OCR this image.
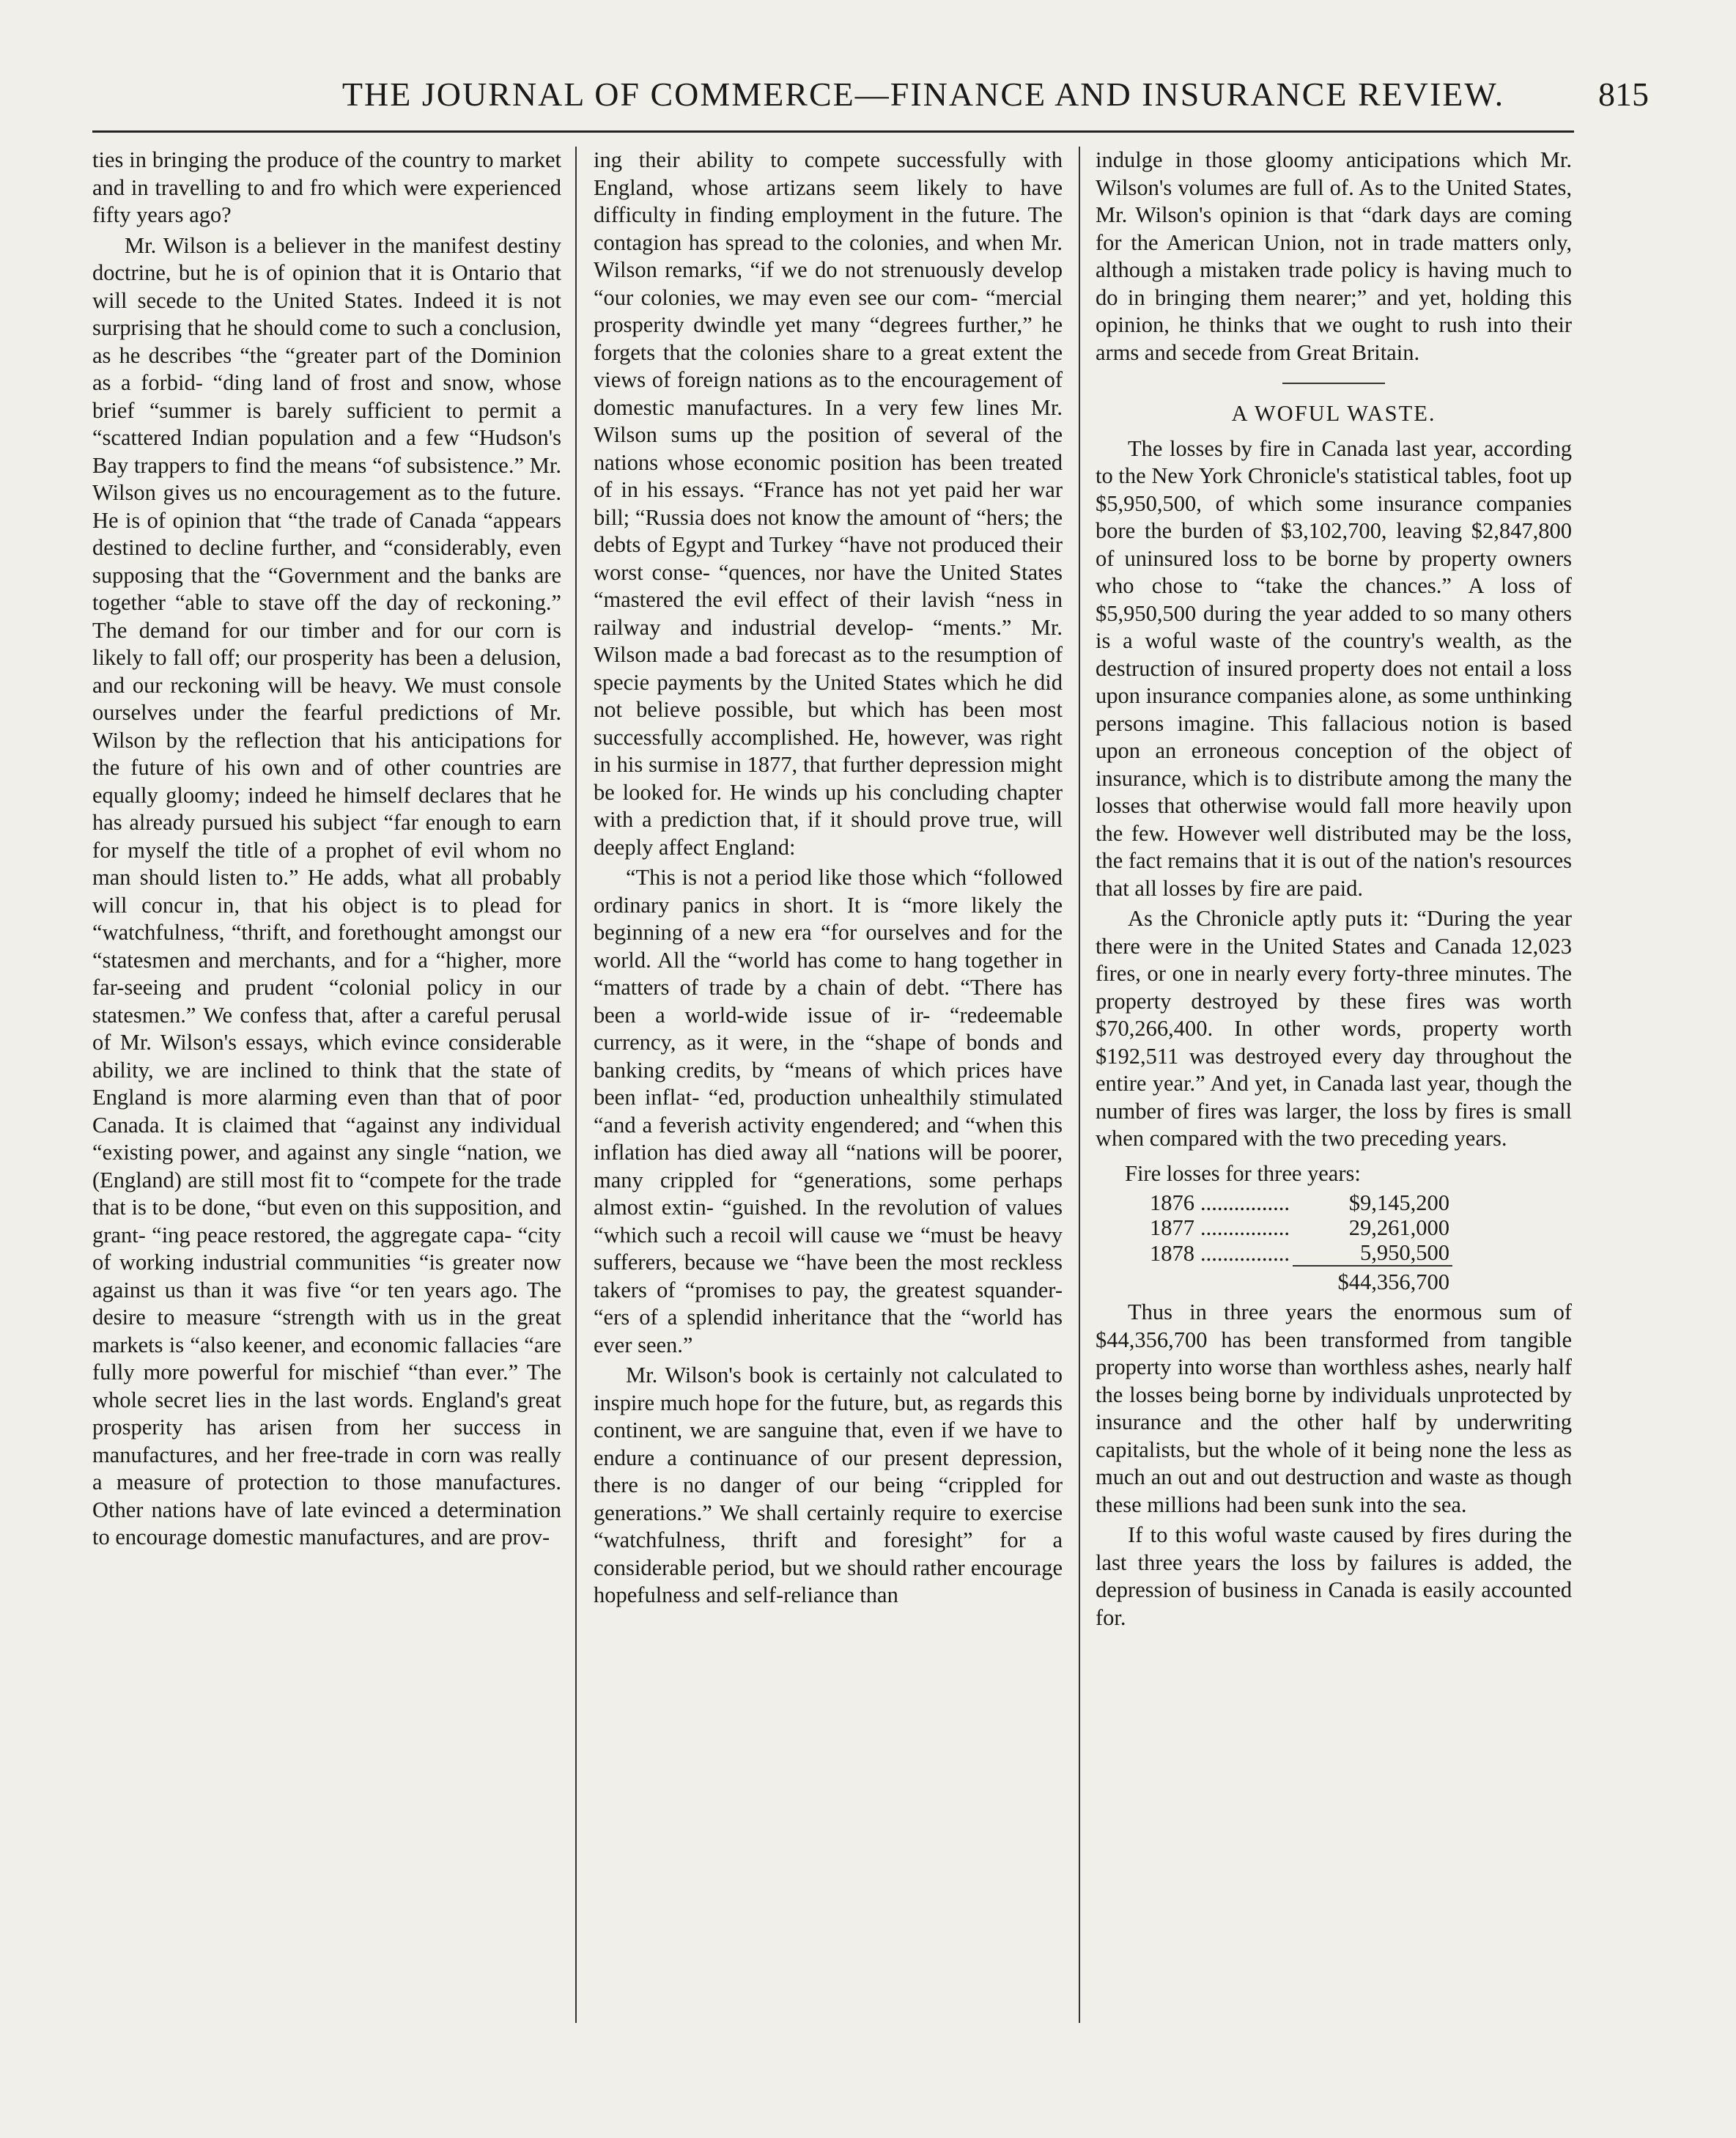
THE JOURNAL OF COMMERCE—FINANCE AND INSURANCE REVIEW.	815

ties in bringing the produce of the country to market and in travelling to and fro which were experienced fifty years ago?

Mr. Wilson is a believer in the manifest destiny doctrine, but he is of opinion that it is Ontario that will secede to the United States. Indeed it is not surprising that he should come to such a conclusion, as he describes “the “greater part of the Dominion as a forbid- “ding land of frost and snow, whose brief “summer is barely sufficient to permit a “scattered Indian population and a few “Hudson's Bay trappers to find the means “of subsistence.” Mr. Wilson gives us no encouragement as to the future. He is of opinion that “the trade of Canada “appears destined to decline further, and “considerably, even supposing that the “Government and the banks are together “able to stave off the day of reckoning.” The demand for our timber and for our corn is likely to fall off; our prosperity has been a delusion, and our reckoning will be heavy. We must console ourselves under the fearful predictions of Mr. Wilson by the reflection that his anticipations for the future of his own and of other countries are equally gloomy; indeed he himself declares that he has already pursued his subject “far enough to earn for myself the title of a prophet of evil whom no man should listen to.” He adds, what all probably will concur in, that his object is to plead for “watchfulness, “thrift, and forethought amongst our “statesmen and merchants, and for a “higher, more far-seeing and prudent “colonial policy in our statesmen.” We confess that, after a careful perusal of Mr. Wilson's essays, which evince considerable ability, we are inclined to think that the state of England is more alarming even than that of poor Canada. It is claimed that “against any individual “existing power, and against any single “nation, we (England) are still most fit to “compete for the trade that is to be done, “but even on this supposition, and grant- “ing peace restored, the aggregate capa- “city of working industrial communities “is greater now against us than it was five “or ten years ago. The desire to measure “strength with us in the great markets is “also keener, and economic fallacies “are fully more powerful for mischief “than ever.” The whole secret lies in the last words. England's great prosperity has arisen from her success in manufactures, and her free-trade in corn was really a measure of protection to those manufactures. Other nations have of late evinced a determination to encourage domestic manufactures, and are prov-

ing their ability to compete successfully with England, whose artizans seem likely to have difficulty in finding employment in the future. The contagion has spread to the colonies, and when Mr. Wilson remarks, “if we do not strenuously develop “our colonies, we may even see our com- “mercial prosperity dwindle yet many “degrees further,” he forgets that the colonies share to a great extent the views of foreign nations as to the encouragement of domestic manufactures. In a very few lines Mr. Wilson sums up the position of several of the nations whose economic position has been treated of in his essays. “France has not yet paid her war bill; “Russia does not know the amount of “hers; the debts of Egypt and Turkey “have not produced their worst conse- “quences, nor have the United States “mastered the evil effect of their lavish “ness in railway and industrial develop- “ments.” Mr. Wilson made a bad forecast as to the resumption of specie payments by the United States which he did not believe possible, but which has been most successfully accomplished. He, however, was right in his surmise in 1877, that further depression might be looked for. He winds up his concluding chapter with a prediction that, if it should prove true, will deeply affect England:

“This is not a period like those which “followed ordinary panics in short. It is “more likely the beginning of a new era “for ourselves and for the world. All the “world has come to hang together in “matters of trade by a chain of debt. “There has been a world-wide issue of ir- “redeemable currency, as it were, in the “shape of bonds and banking credits, by “means of which prices have been inflat- “ed, production unhealthily stimulated “and a feverish activity engendered; and “when this inflation has died away all “nations will be poorer, many crippled for “generations, some perhaps almost extin- “guished. In the revolution of values “which such a recoil will cause we “must be heavy sufferers, because we “have been the most reckless takers of “promises to pay, the greatest squander- “ers of a splendid inheritance that the “world has ever seen.”

Mr. Wilson's book is certainly not calculated to inspire much hope for the future, but, as regards this continent, we are sanguine that, even if we have to endure a continuance of our present depression, there is no danger of our being “crippled for generations.” We shall certainly require to exercise “watchfulness, thrift and foresight” for a considerable period, but we should rather encourage hopefulness and self-reliance than

indulge in those gloomy anticipations which Mr. Wilson's volumes are full of. As to the United States, Mr. Wilson's opinion is that “dark days are coming for the American Union, not in trade matters only, although a mistaken trade policy is having much to do in bringing them nearer;” and yet, holding this opinion, he thinks that we ought to rush into their arms and secede from Great Britain.

A WOFUL WASTE.

The losses by fire in Canada last year, according to the New York Chronicle's statistical tables, foot up $5,950,500, of which some insurance companies bore the burden of $3,102,700, leaving $2,847,800 of uninsured loss to be borne by property owners who chose to “take the chances.” A loss of $5,950,500 during the year added to so many others is a woful waste of the country's wealth, as the destruction of insured property does not entail a loss upon insurance companies alone, as some unthinking persons imagine. This fallacious notion is based upon an erroneous conception of the object of insurance, which is to distribute among the many the losses that otherwise would fall more heavily upon the few. However well distributed may be the loss, the fact remains that it is out of the nation's resources that all losses by fire are paid.

As the Chronicle aptly puts it: “During the year there were in the United States and Canada 12,023 fires, or one in nearly every forty-three minutes. The property destroyed by these fires was worth $70,266,400. In other words, property worth $192,511 was destroyed every day throughout the entire year.” And yet, in Canada last year, though the number of fires was larger, the loss by fires is small when compared with the two preceding years.

Fire losses for three years:
1876	................	$9,145,200
1877	................	29,261,000
1878	................	5,950,500
		$44,356,700

Thus in three years the enormous sum of $44,356,700 has been transformed from tangible property into worse than worthless ashes, nearly half the losses being borne by individuals unprotected by insurance and the other half by underwriting capitalists, but the whole of it being none the less as much an out and out destruction and waste as though these millions had been sunk into the sea.

If to this woful waste caused by fires during the last three years the loss by failures is added, the depression of business in Canada is easily accounted for.
